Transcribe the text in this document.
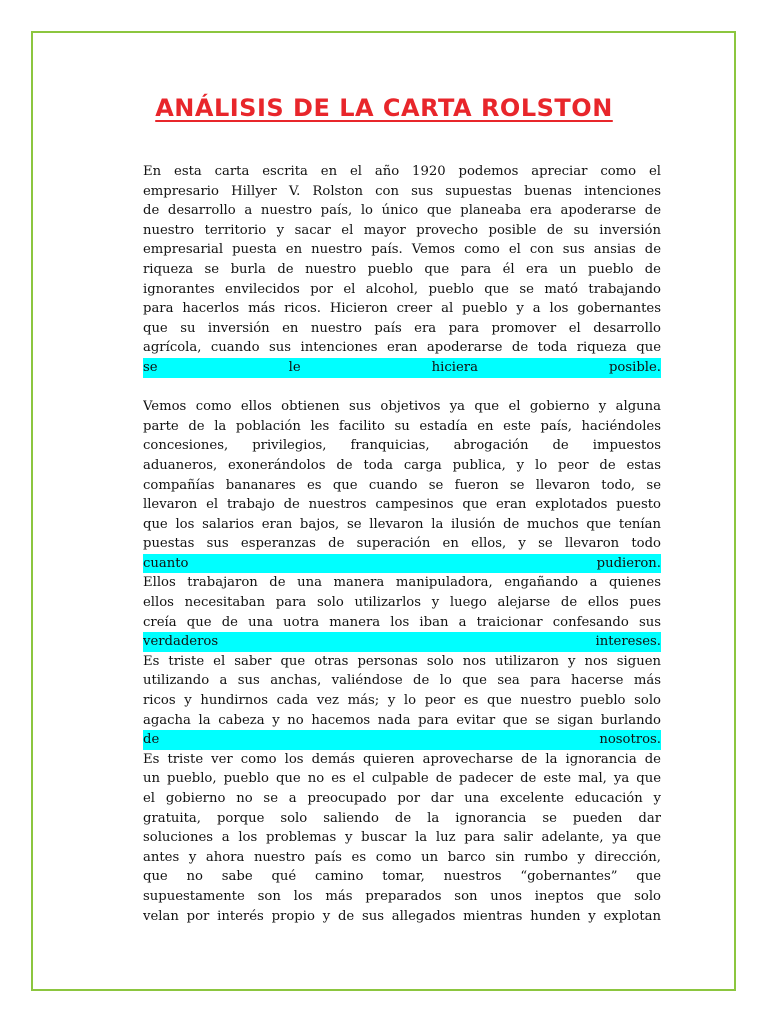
ANÁLISIS DE LA CARTA ROLSTON
En esta carta escrita en el año 1920 podemos apreciar como el
empresario Hillyer V. Rolston con sus supuestas buenas intenciones
de desarrollo a nuestro país, lo único que planeaba era apoderarse de
nuestro territorio y sacar el mayor provecho posible de su inversión
empresarial puesta en nuestro país. Vemos como el con sus ansias de
riqueza se burla de nuestro pueblo que para él era un pueblo de
ignorantes envilecidos por el alcohol, pueblo que se mató trabajando
para hacerlos más ricos. Hicieron creer al pueblo y a los gobernantes
que su inversión en nuestro país era para promover el desarrollo
agrícola, cuando sus intenciones eran apoderarse de toda riqueza que
se le hiciera posible.
Vemos como ellos obtienen sus objetivos ya que el gobierno y alguna
parte de la población les facilito su estadía en este país, haciéndoles
concesiones, privilegios, franquicias, abrogación de impuestos
aduaneros, exonerándolos de toda carga publica, y lo peor de estas
compañías bananares es que cuando se fueron se llevaron todo, se
llevaron el trabajo de nuestros campesinos que eran explotados puesto
que los salarios eran bajos, se llevaron la ilusión de muchos que tenían
puestas sus esperanzas de superación en ellos, y se llevaron todo
cuanto pudieron.
Ellos trabajaron de una manera manipuladora, engañando a quienes
ellos necesitaban para solo utilizarlos y luego alejarse de ellos pues
creía que de una uotra manera los iban a traicionar confesando sus
verdaderos intereses.
Es triste el saber que otras personas solo nos utilizaron y nos siguen
utilizando a sus anchas, valiéndose de lo que sea para hacerse más
ricos y hundirnos cada vez más; y lo peor es que nuestro pueblo solo
agacha la cabeza y no hacemos nada para evitar que se sigan burlando
de nosotros.
Es triste ver como los demás quieren aprovecharse de la ignorancia de
un pueblo, pueblo que no es el culpable de padecer de este mal, ya que
el gobierno no se a preocupado por dar una excelente educación y
gratuita, porque solo saliendo de la ignorancia se pueden dar
soluciones a los problemas y buscar la luz para salir adelante, ya que
antes y ahora nuestro país es como un barco sin rumbo y dirección,
que no sabe qué camino tomar, nuestros “gobernantes” que
supuestamente son los más preparados son unos ineptos que solo
velan por interés propio y de sus allegados mientras hunden y explotan
